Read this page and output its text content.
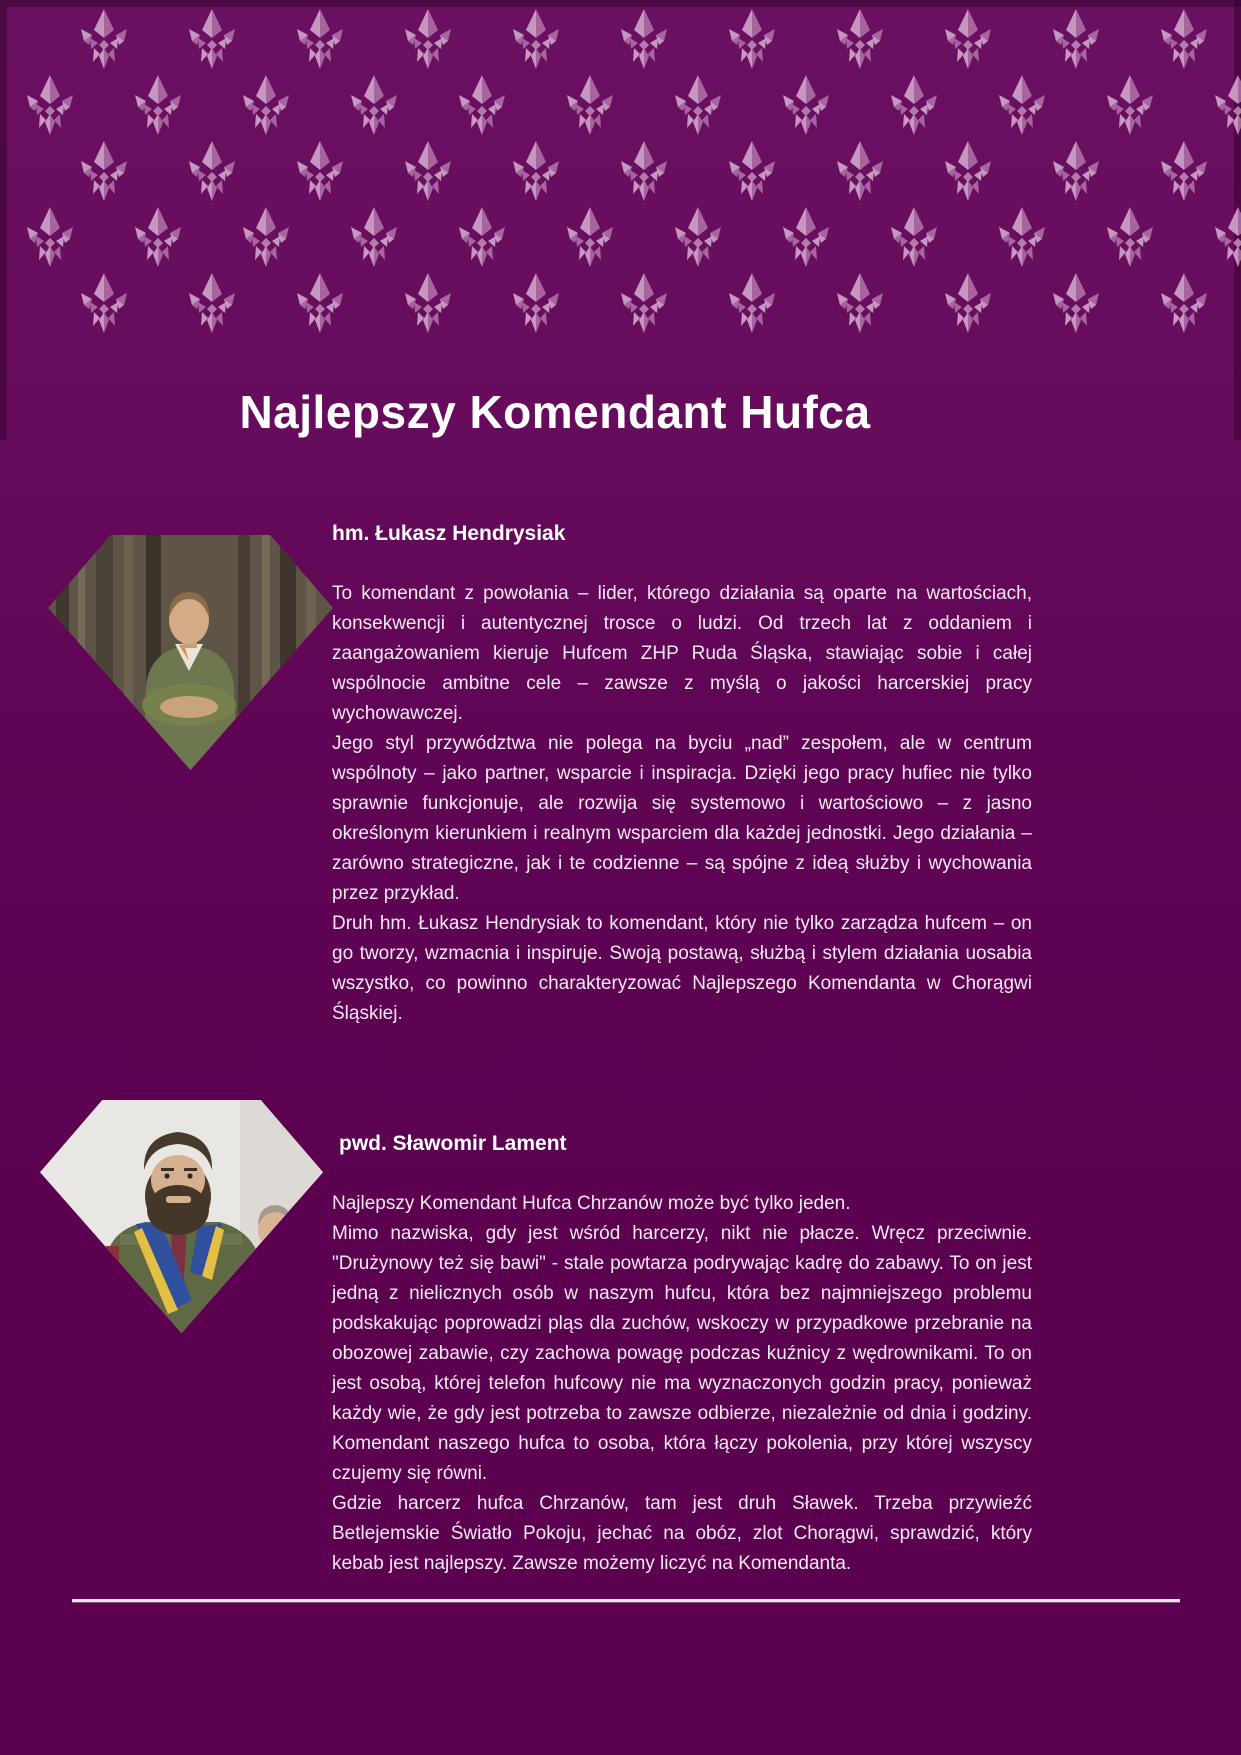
Najlepszy Komendant Hufca
hm. Łukasz Hendrysiak

To komendant z powołania – lider, którego działania są oparte na wartościach, konsekwencji i autentycznej trosce o ludzi. Od trzech lat z oddaniem i zaangażowaniem kieruje Hufcem ZHP Ruda Śląska, stawiając sobie i całej wspólnocie ambitne cele – zawsze z myślą o jakości harcerskiej pracy wychowawczej.

Jego styl przywództwa nie polega na byciu „nad” zespołem, ale w centrum wspólnoty – jako partner, wsparcie i inspiracja. Dzięki jego pracy hufiec nie tylko sprawnie funkcjonuje, ale rozwija się systemowo i wartościowo – z jasno określonym kierunkiem i realnym wsparciem dla każdej jednostki. Jego działania – zarówno strategiczne, jak i te codzienne – są spójne z ideą służby i wychowania przez przykład.

Druh hm. Łukasz Hendrysiak to komendant, który nie tylko zarządza hufcem – on go tworzy, wzmacnia i inspiruje. Swoją postawą, służbą i stylem działania uosabia wszystko, co powinno charakteryzować Najlepszego Komendanta w Chorągwi Śląskiej.

pwd. Sławomir Lament

Najlepszy Komendant Hufca Chrzanów może być tylko jeden.

Mimo nazwiska, gdy jest wśród harcerzy, nikt nie płacze. Wręcz przeciwnie. "Drużynowy też się bawi" - stale powtarza podrywając kadrę do zabawy. To on jest jedną z nielicznych osób w naszym hufcu, która bez najmniejszego problemu podskakując poprowadzi pląs dla zuchów, wskoczy w przypadkowe przebranie na obozowej zabawie, czy zachowa powagę podczas kuźnicy z wędrownikami. To on jest osobą, której telefon hufcowy nie ma wyznaczonych godzin pracy, ponieważ każdy wie, że gdy jest potrzeba to zawsze odbierze, niezależnie od dnia i godziny. Komendant naszego hufca to osoba, która łączy pokolenia, przy której wszyscy czujemy się równi.

Gdzie harcerz hufca Chrzanów, tam jest druh Sławek. Trzeba przywieźć Betlejemskie Światło Pokoju, jechać na obóz, zlot Chorągwi, sprawdzić, który kebab jest najlepszy. Zawsze możemy liczyć na Komendanta.
